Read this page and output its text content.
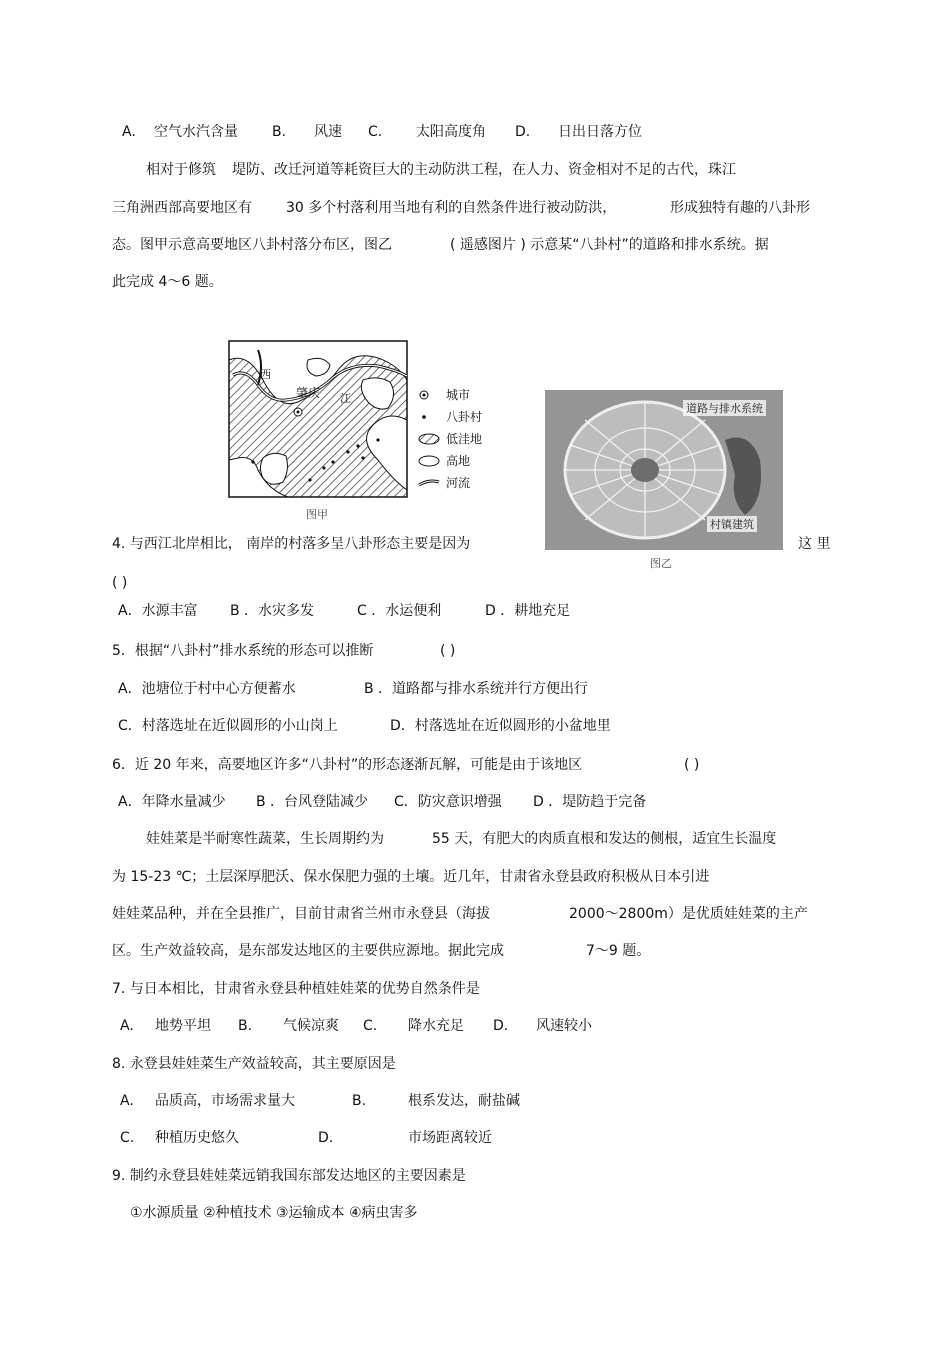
A. 空气水汽含量 B. 风速 C. 太阳高度角 D. 日出日落方位
相对于修筑 堤防、改迁河道等耗资巨大的主动防洪工程，在人力、资金相对不足的古代，珠江
三角洲西部高要地区有 30 多个村落利用当地有利的自然条件进行被动防洪，	形成独特有趣的八卦形
态。图甲示意高要地区八卦村落分布区，图乙	( 遥感图片 ) 示意某“八卦村”的道路和排水系统。据
此完成 4～6 题。
肇庆
西
江
图甲
城市
八卦村
低洼地
高地
河流
道路与排水系统
村镇建筑
图乙
4. 与西江北岸相比， 南岸的村落多呈八卦形态主要是因为	这 里
( )
A．水源丰富 B ．水灾多发	C ．水运便利	D ．耕地充足
5．根据“八卦村”排水系统的形态可以推断	( )
A．池塘位于村中心方便蓄水	B ．道路都与排水系统并行方便出行
C．村落选址在近似圆形的小山岗上	D．村落选址在近似圆形的小盆地里
6．近 20 年来，高要地区许多“八卦村”的形态逐渐瓦解，可能是由于该地区	( )
A．年降水量减少 B ．台风登陆减少 C．防灾意识增强 D ．堤防趋于完备
娃娃菜是半耐寒性蔬菜，生长周期约为	55 天，有肥大的肉质直根和发达的侧根，适宜生长温度
为 15-23 ℃；土层深厚肥沃、保水保肥力强的土壤。近几年，甘肃省永登县政府积极从日本引进
娃娃菜品种，并在全县推广，目前甘肃省兰州市永登县（海拔	2000～2800m）是优质娃娃菜的主产
区。生产效益较高，是东部发达地区的主要供应源地。据此完成	7～9 题。
7. 与日本相比，甘肃省永登县种植娃娃菜的优势自然条件是
A. 地势平坦 B. 气候凉爽 C. 降水充足 D. 风速较小
8. 永登县娃娃菜生产效益较高，其主要原因是
A. 品质高，市场需求量大	B.	根系发达，耐盐碱
C. 种植历史悠久	D.	市场距离较近
9. 制约永登县娃娃菜远销我国东部发达地区的主要因素是
①水源质量 ②种植技术 ③运输成本 ④病虫害多
